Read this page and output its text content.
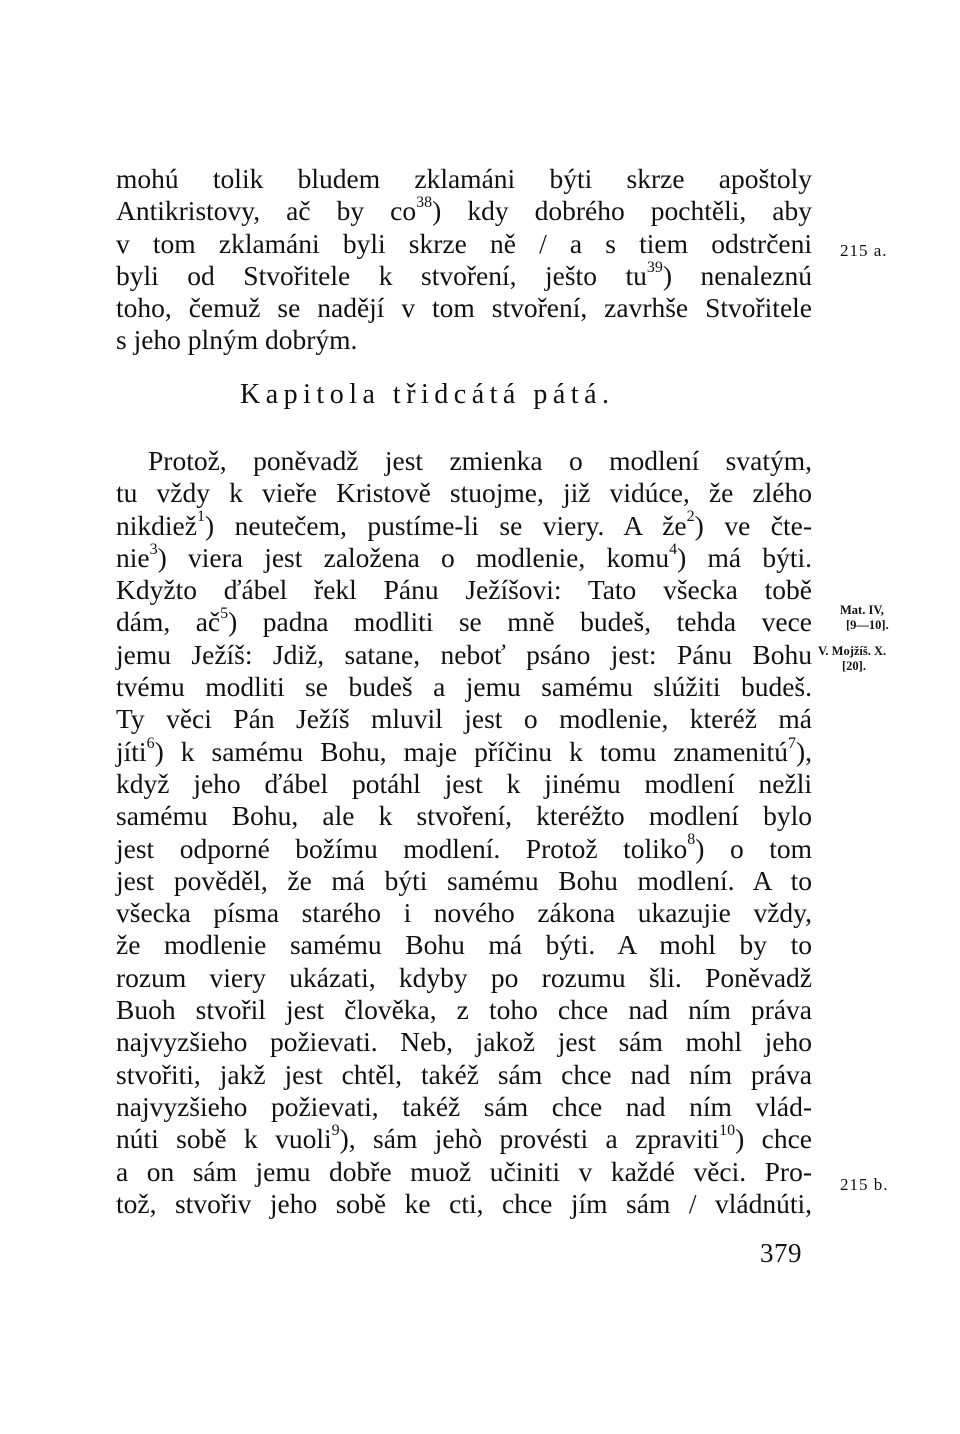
mohú tolik bludem zklamáni býti skrze apoštoly
Antikristovy, ač by $co^{38}$) kdy dobrého pochtěli, aby
v tom zklamáni byli skrze ně / a s tiem odstrčeni
byli od Stvořitele k stvoření, ješto $tu^{39}$) nenaleznú
toho, čemuž se nadějí v tom stvoření, zavrhše Stvořitele
s jeho plným dobrým.
Kapitola třidcátá pátá.
Protož, poněvadž jest zmienka o modlení svatým,
tu vždy k vieře Kristově stuojme, již vidúce, že zlého
nikdiež$^1$) neutečem, pustíme-li se viery. A $že^2$) ve čte-
nie$^3$) viera jest založena o modlenie, komu$^4$) má býti.
Kdyžto ďábel řekl Pánu Ježíšovi: Tato všecka tobě
dám, $ač^5$) padna modliti se mně budeš, tehda vece
jemu Ježíš: Jdiž, satane, neboť psáno jest: Pánu Bohu
tvému modliti se budeš a jemu samému slúžiti budeš.
Ty věci Pán Ježíš mluvil jest o modlenie, kteréž má
jíti$^6$) k samému Bohu, maje příčinu k tomu znamenitú$^7$),
když jeho ďábel potáhl jest k jinému modlení nežli
samému Bohu, ale k stvoření, kteréžto modlení bylo
jest odporné božímu modlení. Protož toliko$^8$) o tom
jest pověděl, že má býti samému Bohu modlení. A to
všecka písma starého i nového zákona ukazujie vždy,
že modlenie samému Bohu má býti. A mohl by to
rozum viery ukázati, kdyby po rozumu šli. Poněvadž
Buoh stvořil jest člověka, z toho chce nad ním práva
najvyzšieho požievati. Neb, jakož jest sám mohl jeho
stvořiti, jakž jest chtěl, takéž sám chce nad ním práva
najvyzšieho požievati, takéž sám chce nad ním vlád-
núti sobě k vuoli$^9$), sám jehò provésti a zpraviti$^{10}$) chce
a on sám jemu dobře muož učiniti v každé věci. Pro-
tož, stvořiv jeho sobě ke cti, chce jím sám / vládnúti,
215 a.
Mat. IV,
[9—10].
V. Mojžíš. X.
[20].
215 b.
379
